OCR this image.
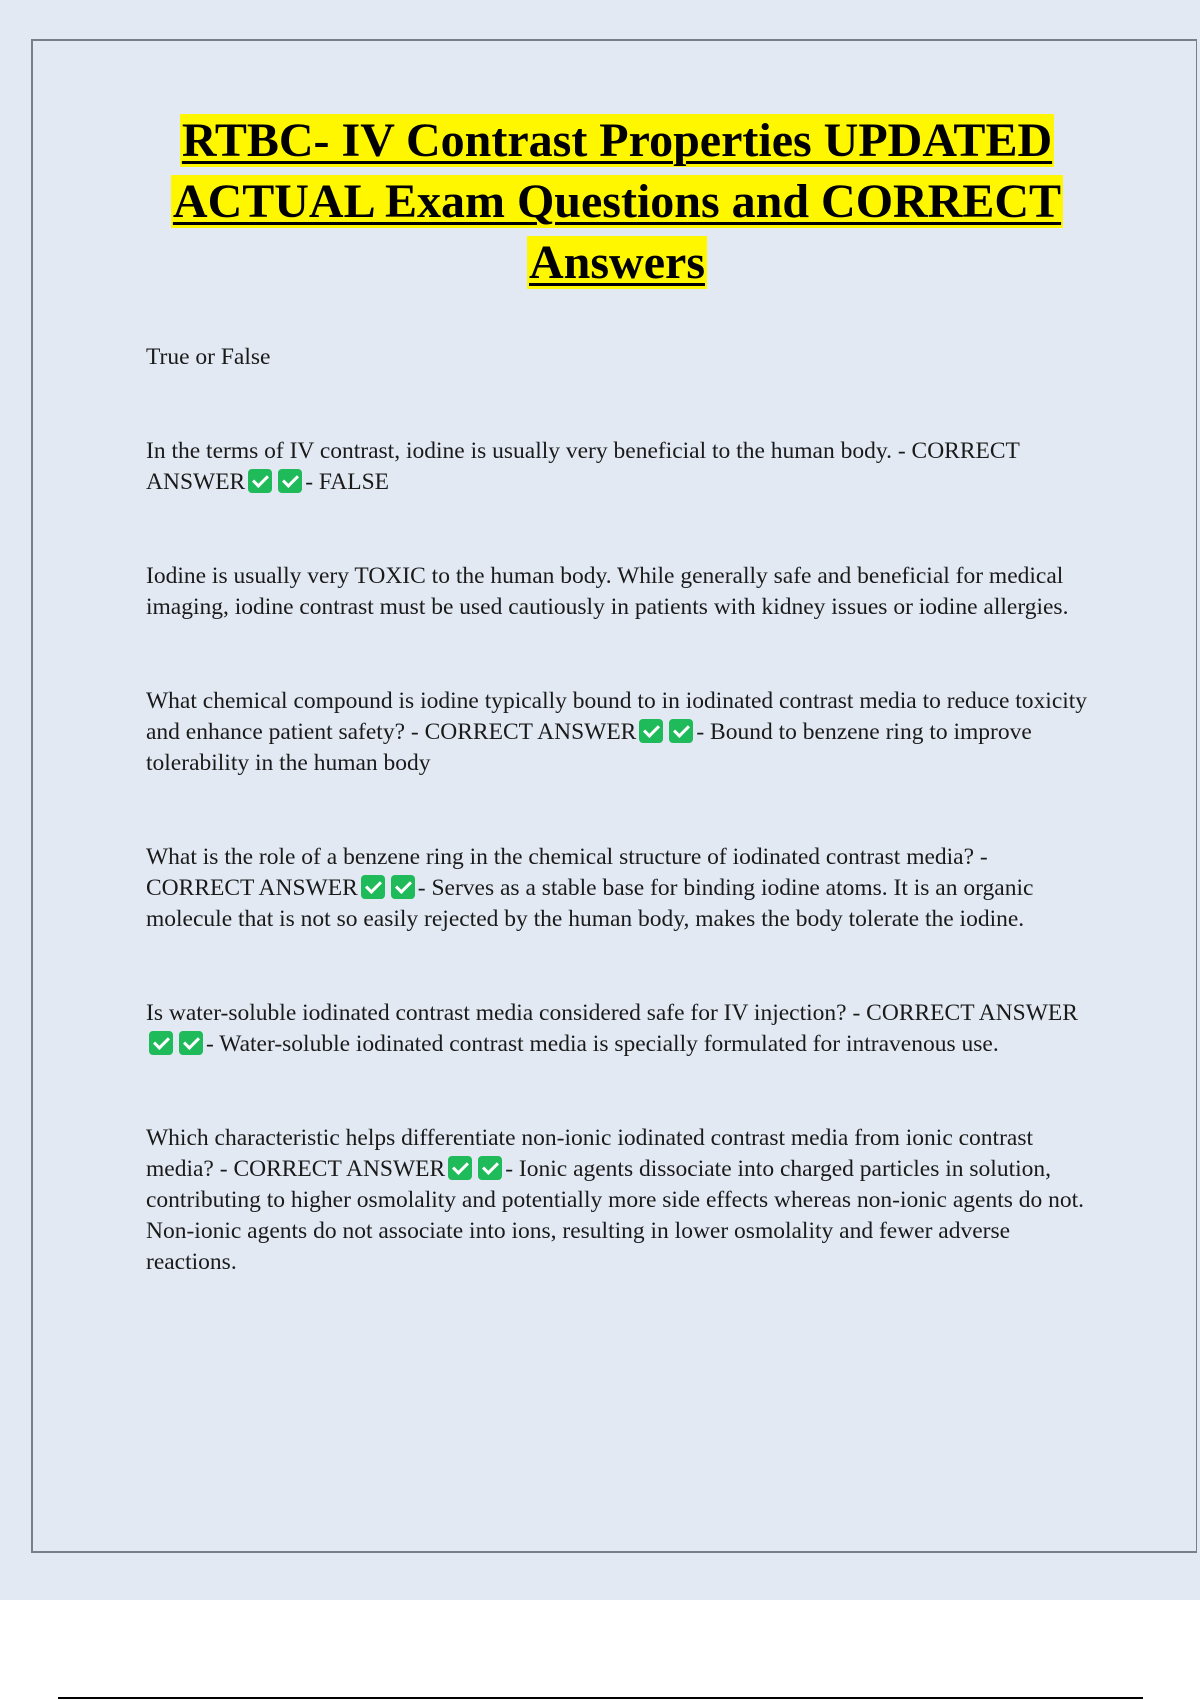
RTBC- IV Contrast Properties UPDATED ACTUAL Exam Questions and CORRECT Answers

True or False

In the terms of IV contrast, iodine is usually very beneficial to the human body. - CORRECT ANSWER	- FALSE

Iodine is usually very TOXIC to the human body. While generally safe and beneficial for medical imaging, iodine contrast must be used cautiously in patients with kidney issues or iodine allergies.

What chemical compound is iodine typically bound to in iodinated contrast media to reduce toxicity and enhance patient safety? - CORRECT ANSWER	- Bound to benzene ring to improve tolerability in the human body

What is the role of a benzene ring in the chemical structure of iodinated contrast media? - CORRECT ANSWER	- Serves as a stable base for binding iodine atoms. It is an organic molecule that is not so easily rejected by the human body, makes the body tolerate the iodine.

Is water-soluble iodinated contrast media considered safe for IV injection? - CORRECT ANSWER- Water-soluble iodinated contrast media is specially formulated for intravenous use.

Which characteristic helps differentiate non-ionic iodinated contrast media from ionic contrast media? - CORRECT ANSWER	- Ionic agents dissociate into charged particles in solution, contributing to higher osmolality and potentially more side effects whereas non-ionic agents do not. Non-ionic agents do not associate into ions, resulting in lower osmolality and fewer adverse reactions.
